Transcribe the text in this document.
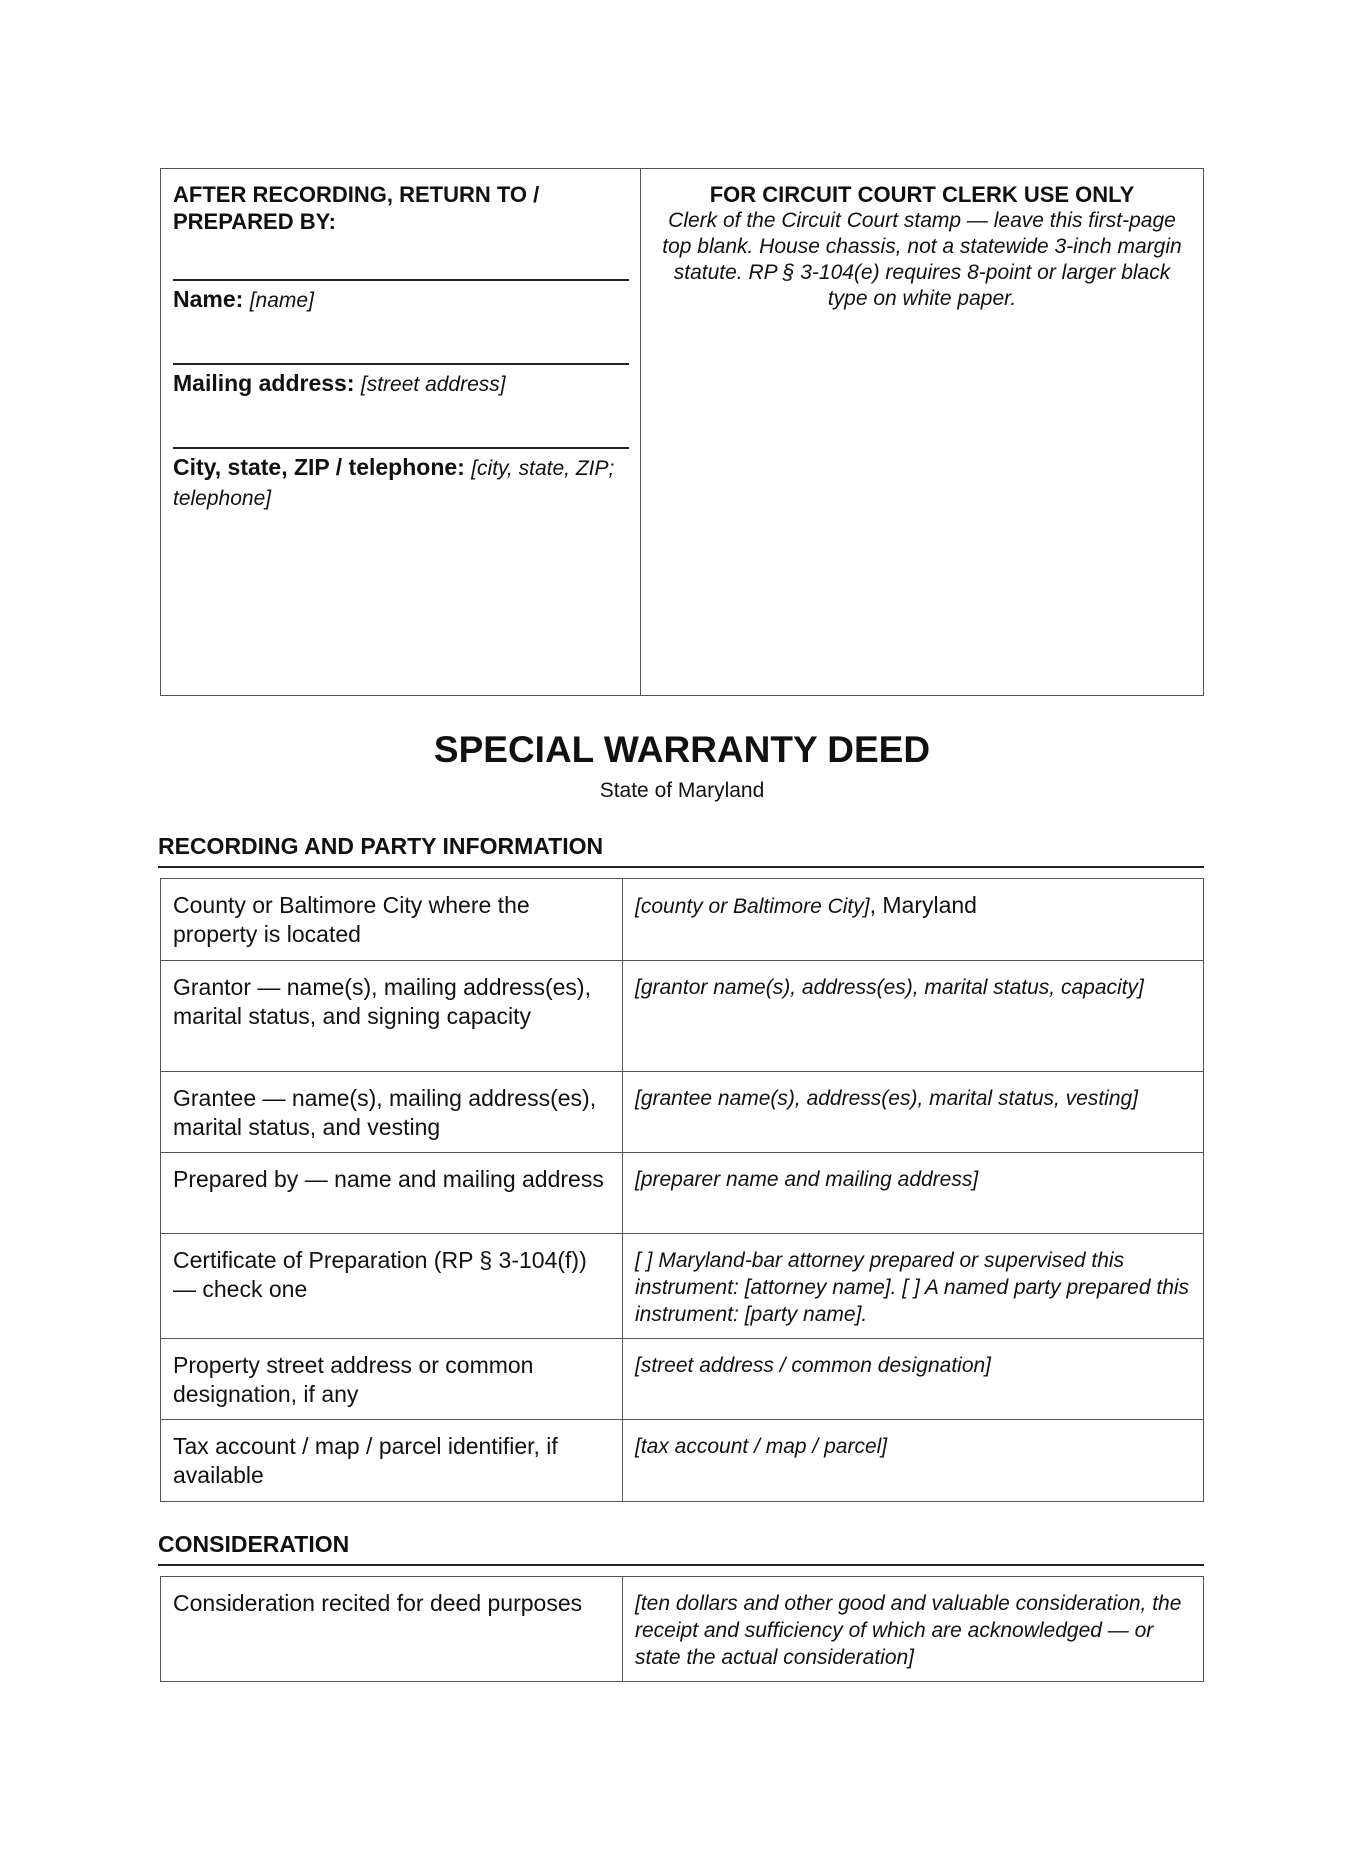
AFTER RECORDING, RETURN TO / PREPARED BY:
Name: [name]
Mailing address: [street address]
City, state, ZIP / telephone: [city, state, ZIP; telephone]
FOR CIRCUIT COURT CLERK USE ONLY
Clerk of the Circuit Court stamp — leave this first-page top blank. House chassis, not a statewide 3-inch margin statute. RP § 3-104(e) requires 8-point or larger black type on white paper.
SPECIAL WARRANTY DEED
State of Maryland
RECORDING AND PARTY INFORMATION
County or Baltimore City where the property is located	[county or Baltimore City], Maryland
Grantor — name(s), mailing address(es), marital status, and signing capacity	[grantor name(s), address(es), marital status, capacity]
Grantee — name(s), mailing address(es), marital status, and vesting	[grantee name(s), address(es), marital status, vesting]
Prepared by — name and mailing address	[preparer name and mailing address]
Certificate of Preparation (RP § 3-104(f)) — check one	[ ] Maryland-bar attorney prepared or supervised this instrument: [attorney name]. [ ] A named party prepared this instrument: [party name].
Property street address or common designation, if any	[street address / common designation]
Tax account / map / parcel identifier, if available	[tax account / map / parcel]
CONSIDERATION
Consideration recited for deed purposes	[ten dollars and other good and valuable consideration, the receipt and sufficiency of which are acknowledged — or state the actual consideration]
